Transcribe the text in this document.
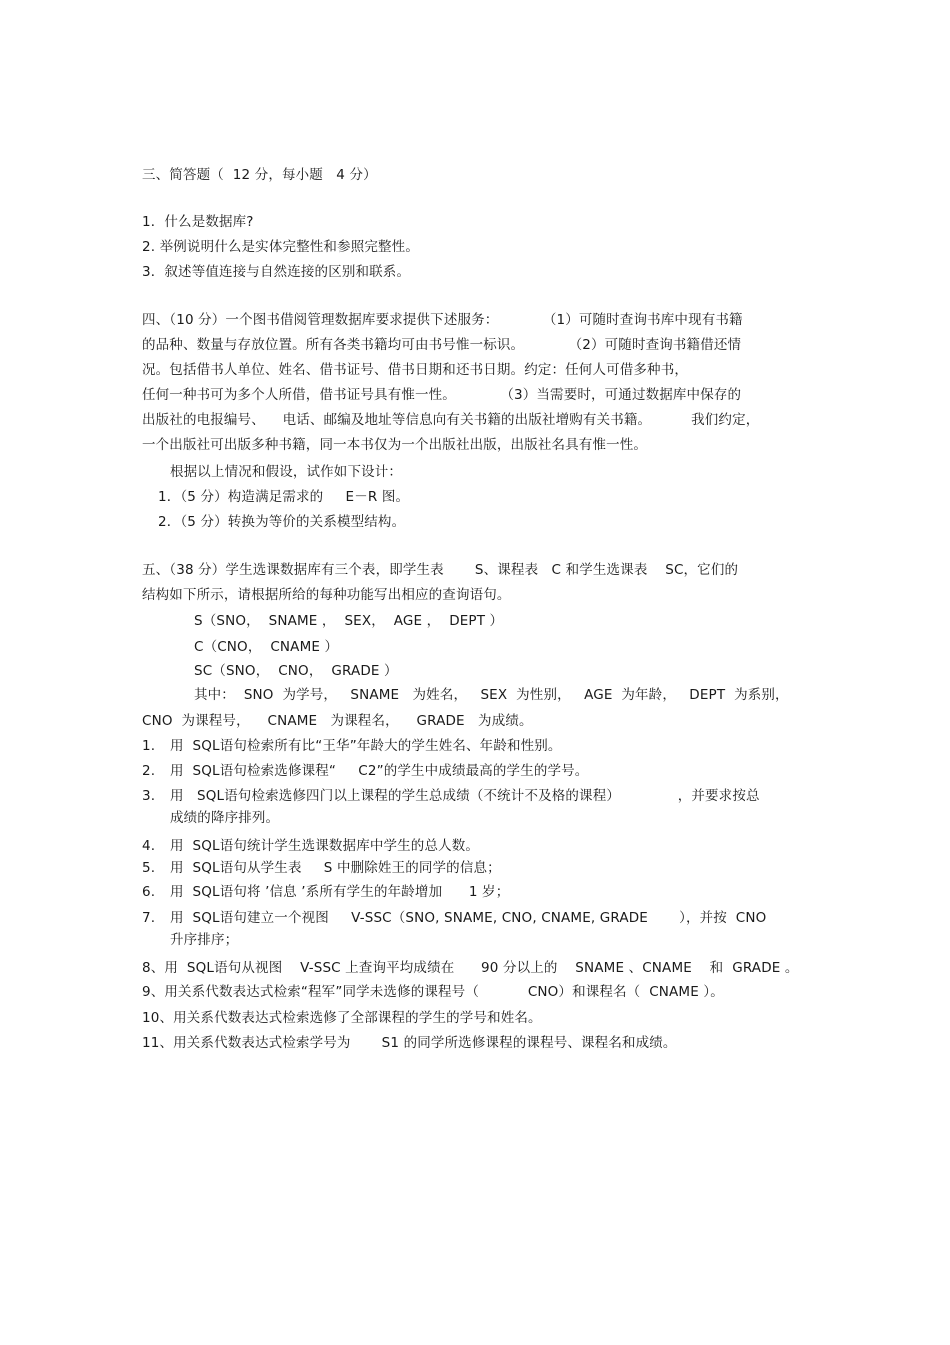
三、简答题（  12 分，每小题   4 分）
1．什么是数据库?
2. 举例说明什么是实体完整性和参照完整性。
3．叙述等值连接与自然连接的区别和联系。
四、（10 分）一个图书借阅管理数据库要求提供下述服务：          （1）可随时查询书库中现有书籍
的品种、数量与存放位置。所有各类书籍均可由书号惟一标识。          （2）可随时查询书籍借还情
况。包括借书人单位、姓名、借书证号、借书日期和还书日期。约定：任何人可借多种书，
任何一种书可为多个人所借，借书证号具有惟一性。          （3）当需要时，可通过数据库中保存的
出版社的电报编号、    电话、邮编及地址等信息向有关书籍的出版社增购有关书籍。         我们约定，
一个出版社可出版多种书籍，同一本书仅为一个出版社出版，出版社名具有惟一性。
根据以上情况和假设，试作如下设计：
1．（5 分）构造满足需求的     E－R 图。
2．（5 分）转换为等价的关系模型结构。
五、（38 分）学生选课数据库有三个表，即学生表       S、课程表   C 和学生选课表    SC，它们的
结构如下所示，请根据所给的每种功能写出相应的查询语句。
S（SNO，  SNAME ，  SEX，  AGE ，  DEPT ）
C（CNO，  CNAME ）
SC（SNO，  CNO，  GRADE ）
其中：  SNO  为学号，   SNAME   为姓名，   SEX  为性别，   AGE  为年龄，   DEPT  为系别，
CNO  为课程号，    CNAME   为课程名，    GRADE   为成绩。
1. 用  SQL语句检索所有比“王华”年龄大的学生姓名、年龄和性别。
2. 用  SQL语句检索选修课程“     C2”的学生中成绩最高的学生的学号。
3. 用   SQL语句检索选修四门以上课程的学生总成绩（不统计不及格的课程）             ，并要求按总
成绩的降序排列。
4. 用  SQL语句统计学生选课数据库中学生的总人数。
5. 用  SQL语句从学生表     S 中删除姓王的同学的信息；
6. 用  SQL语句将 ’信息 ’系所有学生的年龄增加      1 岁；
7. 用  SQL语句建立一个视图     V-SSC（SNO, SNAME, CNO, CNAME, GRADE       ），并按  CNO
升序排序；
8、用  SQL语句从视图    V-SSC 上查询平均成绩在      90 分以上的    SNAME 、CNAME    和  GRADE 。
9、用关系代数表达式检索“程军”同学未选修的课程号（           CNO）和课程名（  CNAME ）。
10、用关系代数表达式检索选修了全部课程的学生的学号和姓名。
11、用关系代数表达式检索学号为       S1 的同学所选修课程的课程号、课程名和成绩。
